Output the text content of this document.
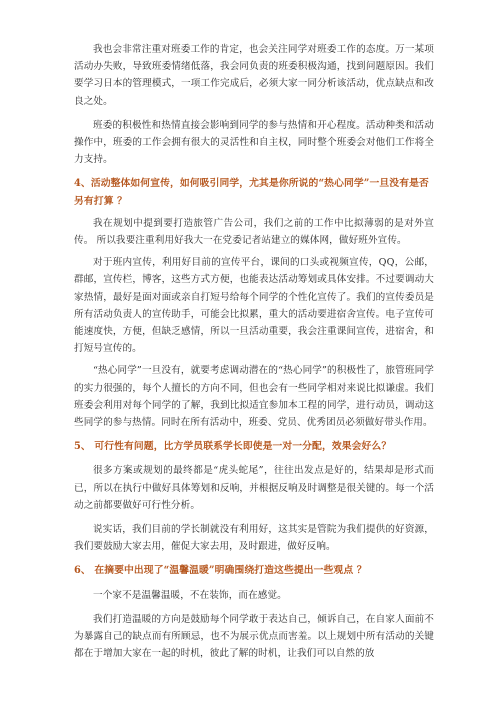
我也会非常注重对班委工作的肯定，也会关注同学对班委工作的态度。万一某项活动办失败，导致班委情绪低落，我会同负责的班委积极沟通，找到问题原因。我们要学习日本的管理模式，一项工作完成后，必须大家一同分析该活动，优点缺点和改良之处。

班委的积极性和热情直接会影响到同学的参与热情和开心程度。活动种类和活动操作中，班委的工作会拥有很大的灵活性和自主权，同时整个班委会对他们工作将全力支持。

4、活动整体如何宣传，如何吸引同学，尤其是你所说的“热心同学”一旦没有是否另有打算 ？

我在规划中提到要打造旅管广告公司，我们之前的工作中比拟薄弱的是对外宣传。 所以我要注重利用好我大一在党委记者站建立的媒体网，做好班外宣传。

对于班内宣传，利用好目前的宣传平台，课间的口头或视频宣传，QQ，公邮，群邮，宣传栏，博客，这些方式方便，也能表达活动筹划或具体安排。不过要调动大家热情，最好是面对面或亲自打短号给每个同学的个性化宣传了。我们的宣传委员是所有活动负责人的宣传助手，可能会比拟累，重大的活动要进宿舍宣传。电子宣传可能速度快，方便，但缺乏感情，所以一旦活动重要，我会注重课间宣传，进宿舍，和打短号宣传的。

“热心同学”一旦没有，就要考虑调动潜在的“热心同学”的积极性了，旅管班同学的实力很强的，每个人擅长的方向不同，但也会有一些同学相对来说比拟谦虚。我们班委会利用对每个同学的了解，我到比拟适宜参加本工程的同学，进行动员，调动这些同学的参与热情。同时在所有活动中，班委、党员、优秀团员必须做好带头作用。

5、 可行性有问题，比方学员联系学长即使是一对一分配，效果会好么？

很多方案或规划的最终都是“虎头蛇尾”，往往出发点是好的，结果却是形式而已，所以在执行中做好具体筹划和反响，并根据反响及时调整是很关键的。每一个活动之前都要做好可行性分析。

说实话，我们目前的学长制就没有利用好，这其实是管院为我们提供的好资源，我们要鼓励大家去用，催促大家去用，及时跟进，做好反响。

6、 在摘要中出现了“温馨温暖”明确围绕打造这些提出一些观点 ？

一个家不是温馨温暖，不在装饰，而在感觉。

我们打造温暖的方向是鼓励每个同学敢于表达自己，倾诉自己，在自家人面前不为暴露自己的缺点而有所顾忌，也不为展示优点而害羞。以上规划中所有活动的关键都在于增加大家在一起的时机，彼此了解的时机，让我们可以自然的放
